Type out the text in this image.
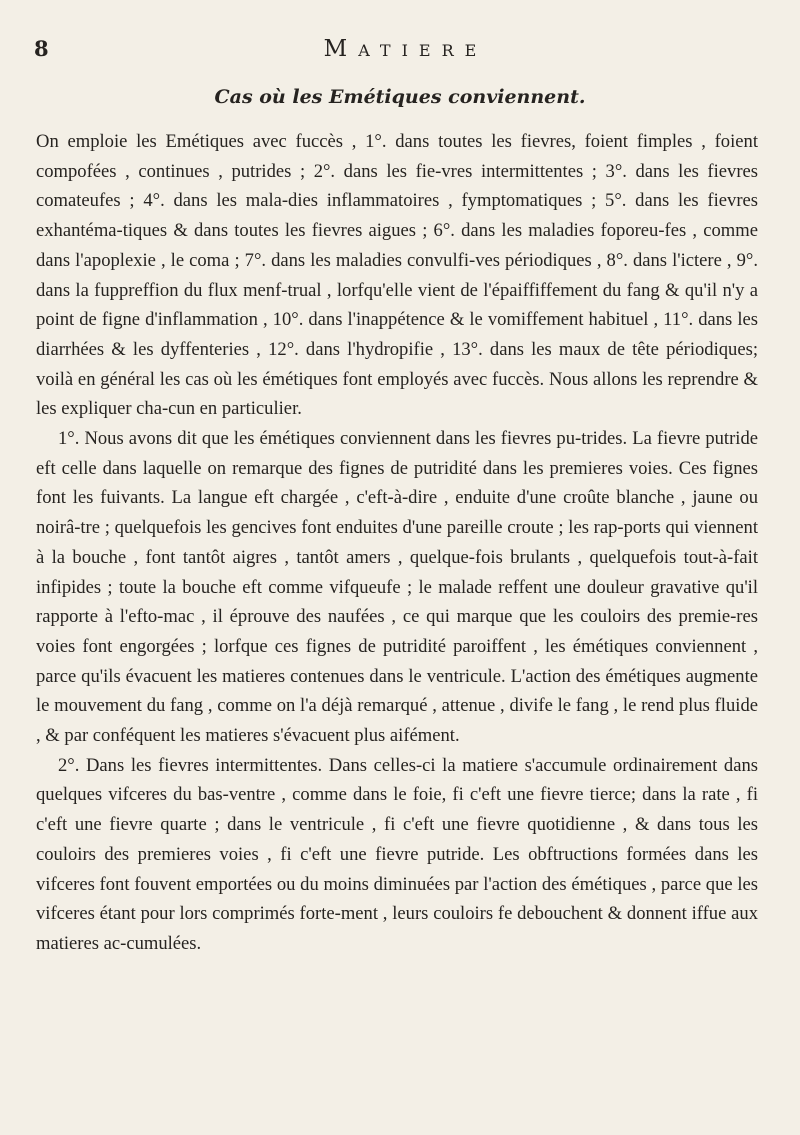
8	Matiere
Cas où les Emétiques conviennent.

On emploie les Emétiques avec fuccès , 1°. dans toutes les fievres, foient fimples , foient compofées , continues , putrides ; 2°. dans les fie-vres intermittentes ; 3°. dans les fievres comateufes ; 4°. dans les mala-dies inflammatoires , fymptomatiques ; 5°. dans les fievres exhantéma-tiques & dans toutes les fievres aigues ; 6°. dans les maladies foporeu-fes , comme dans l'apoplexie , le coma ; 7°. dans les maladies convulfi-ves périodiques , 8°. dans l'ictere , 9°. dans la fuppreffion du flux menf-trual , lorfqu'elle vient de l'épaiffiffement du fang & qu'il n'y a point de figne d'inflammation , 10°. dans l'inappétence & le vomiffement habituel , 11°. dans les diarrhées & les dyffenteries , 12°. dans l'hydropifie , 13°. dans les maux de tête périodiques; voilà en général les cas où les émétiques font employés avec fuccès. Nous allons les reprendre & les expliquer cha-cun en particulier.

1°. Nous avons dit que les émétiques conviennent dans les fievres pu-trides. La fievre putride eft celle dans laquelle on remarque des fignes de putridité dans les premieres voies. Ces fignes font les fuivants. La langue eft chargée , c'eft-à-dire , enduite d'une croûte blanche , jaune ou noirâ-tre ; quelquefois les gencives font enduites d'une pareille croute ; les rap-ports qui viennent à la bouche , font tantôt aigres , tantôt amers , quelque-fois brulants , quelquefois tout-à-fait infipides ; toute la bouche eft comme vifqueufe ; le malade reffent une douleur gravative qu'il rapporte à l'efto-mac , il éprouve des naufées , ce qui marque que les couloirs des premie-res voies font engorgées ; lorfque ces fignes de putridité paroiffent , les émétiques conviennent , parce qu'ils évacuent les matieres contenues dans le ventricule. L'action des émétiques augmente le mouvement du fang , comme on l'a déjà remarqué , attenue , divife le fang , le rend plus fluide , & par conféquent les matieres s'évacuent plus aifément.

2°. Dans les fievres intermittentes. Dans celles-ci la matiere s'accumule ordinairement dans quelques vifceres du bas-ventre , comme dans le foie, fi c'eft une fievre tierce; dans la rate , fi c'eft une fievre quarte ; dans le ventricule , fi c'eft une fievre quotidienne , & dans tous les couloirs des premieres voies , fi c'eft une fievre putride. Les obftructions formées dans les vifceres font fouvent emportées ou du moins diminuées par l'action des émétiques , parce que les vifceres étant pour lors comprimés forte-ment , leurs couloirs fe debouchent & donnent iffue aux matieres ac-cumulées.
